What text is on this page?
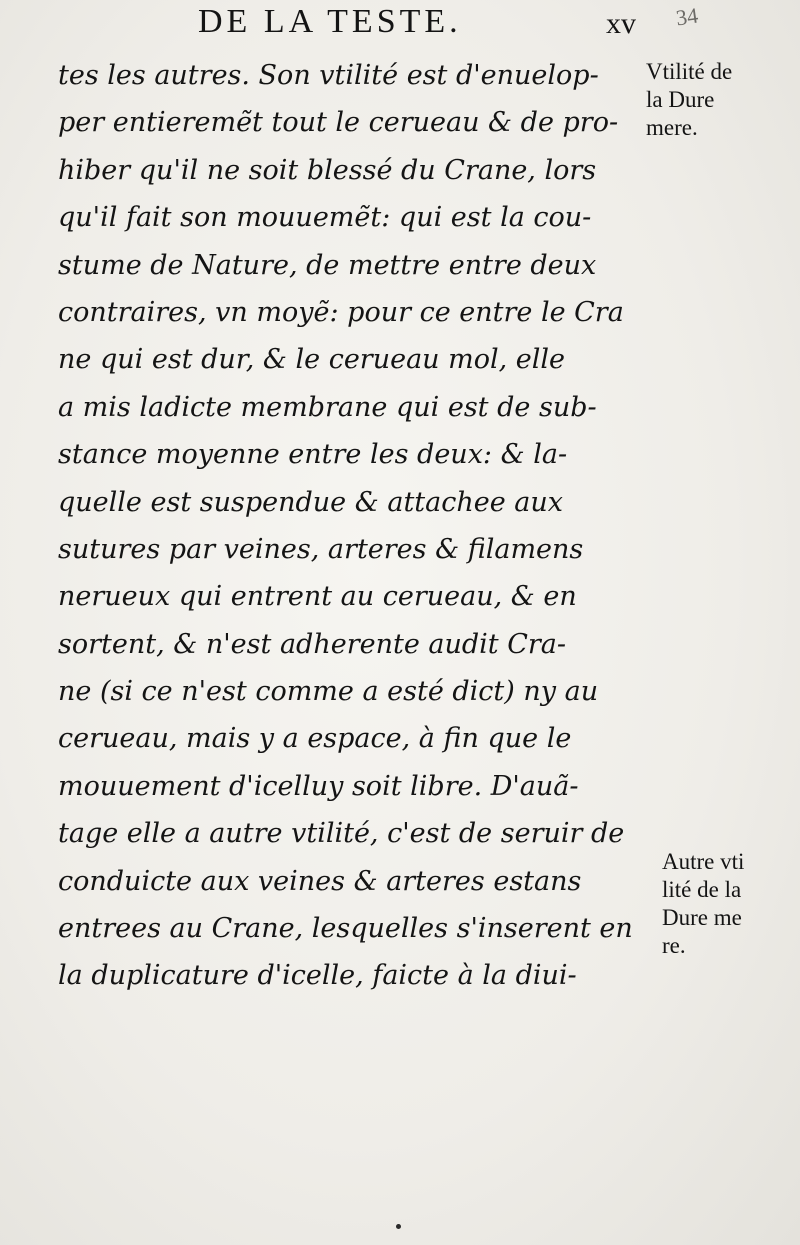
DE LA TESTE.	xv 34
tes les autres. Son vtilité est d'enuelop-
per entieremẽt tout le cerueau & de pro-
hiber qu'il ne soit blessé du Crane, lors
qu'il fait son mouuemẽt: qui est la cou-
stume de Nature, de mettre entre deux
contraires, vn moyẽ: pour ce entre le Cra
ne qui est dur, & le cerueau mol, elle
a mis ladicte membrane qui est de sub-
stance moyenne entre les deux: & la-
quelle est suspendue & attachee aux
sutures par veines, arteres & filamens
nerueux qui entrent au cerueau, & en
sortent, & n'est adherente audit Cra-
ne (si ce n'est comme a esté dict) ny au
cerueau, mais y a espace, à fin que le
mouuement d'icelluy soit libre. D'auã-
tage elle a autre vtilité, c'est de seruir de
conduicte aux veines & arteres estans
entrees au Crane, lesquelles s'inserent en
la duplicature d'icelle, faicte à la diui-
Vtilité de
la Dure
mere.
Autre vti
lité de la
Dure me
re.
